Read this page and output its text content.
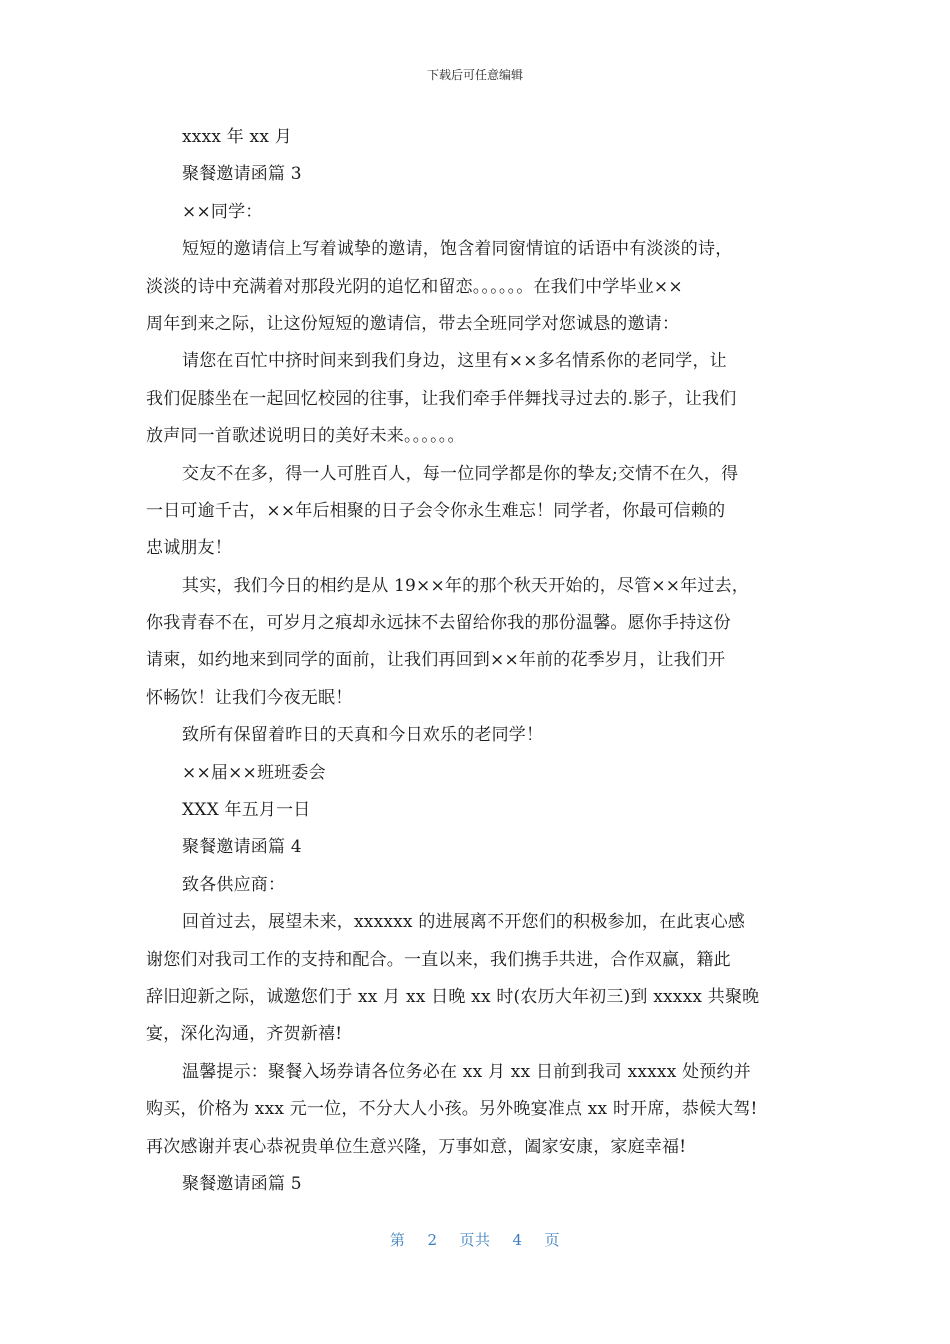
下载后可任意编辑
xxxx 年 xx 月
聚餐邀请函篇 3
××同学：
短短的邀请信上写着诚挚的邀请，饱含着同窗情谊的话语中有淡淡的诗，
淡淡的诗中充满着对那段光阴的追忆和留恋。。。。。。在我们中学毕业××
周年到来之际，让这份短短的邀请信，带去全班同学对您诚恳的邀请：
请您在百忙中挤时间来到我们身边，这里有××多名情系你的老同学，让
我们促膝坐在一起回忆校园的往事，让我们牵手伴舞找寻过去的.影子，让我们
放声同一首歌述说明日的美好未来。。。。。。
交友不在多，得一人可胜百人，每一位同学都是你的挚友;交情不在久，得
一日可逾千古，××年后相聚的日子会令你永生难忘！同学者，你最可信赖的
忠诚朋友！
其实，我们今日的相约是从 19××年的那个秋天开始的，尽管××年过去，
你我青春不在，可岁月之痕却永远抹不去留给你我的那份温馨。愿你手持这份
请柬，如约地来到同学的面前，让我们再回到××年前的花季岁月，让我们开
怀畅饮！让我们今夜无眠！
致所有保留着昨日的天真和今日欢乐的老同学！
××届××班班委会
XXX 年五月一日
聚餐邀请函篇 4
致各供应商：
回首过去，展望未来，xxxxxx 的进展离不开您们的积极参加，在此衷心感
谢您们对我司工作的支持和配合。一直以来，我们携手共进，合作双赢，籍此
辞旧迎新之际，诚邀您们于 xx 月 xx 日晚 xx 时(农历大年初三)到 xxxxx 共聚晚
宴，深化沟通，齐贺新禧!
温馨提示：聚餐入场券请各位务必在 xx 月 xx 日前到我司 xxxxx 处预约并
购买，价格为 xxx 元一位，不分大人小孩。另外晚宴准点 xx 时开席，恭候大驾!
再次感谢并衷心恭祝贵单位生意兴隆，万事如意，阖家安康，家庭幸福!
聚餐邀请函篇 5
第 2 页共 4 页
